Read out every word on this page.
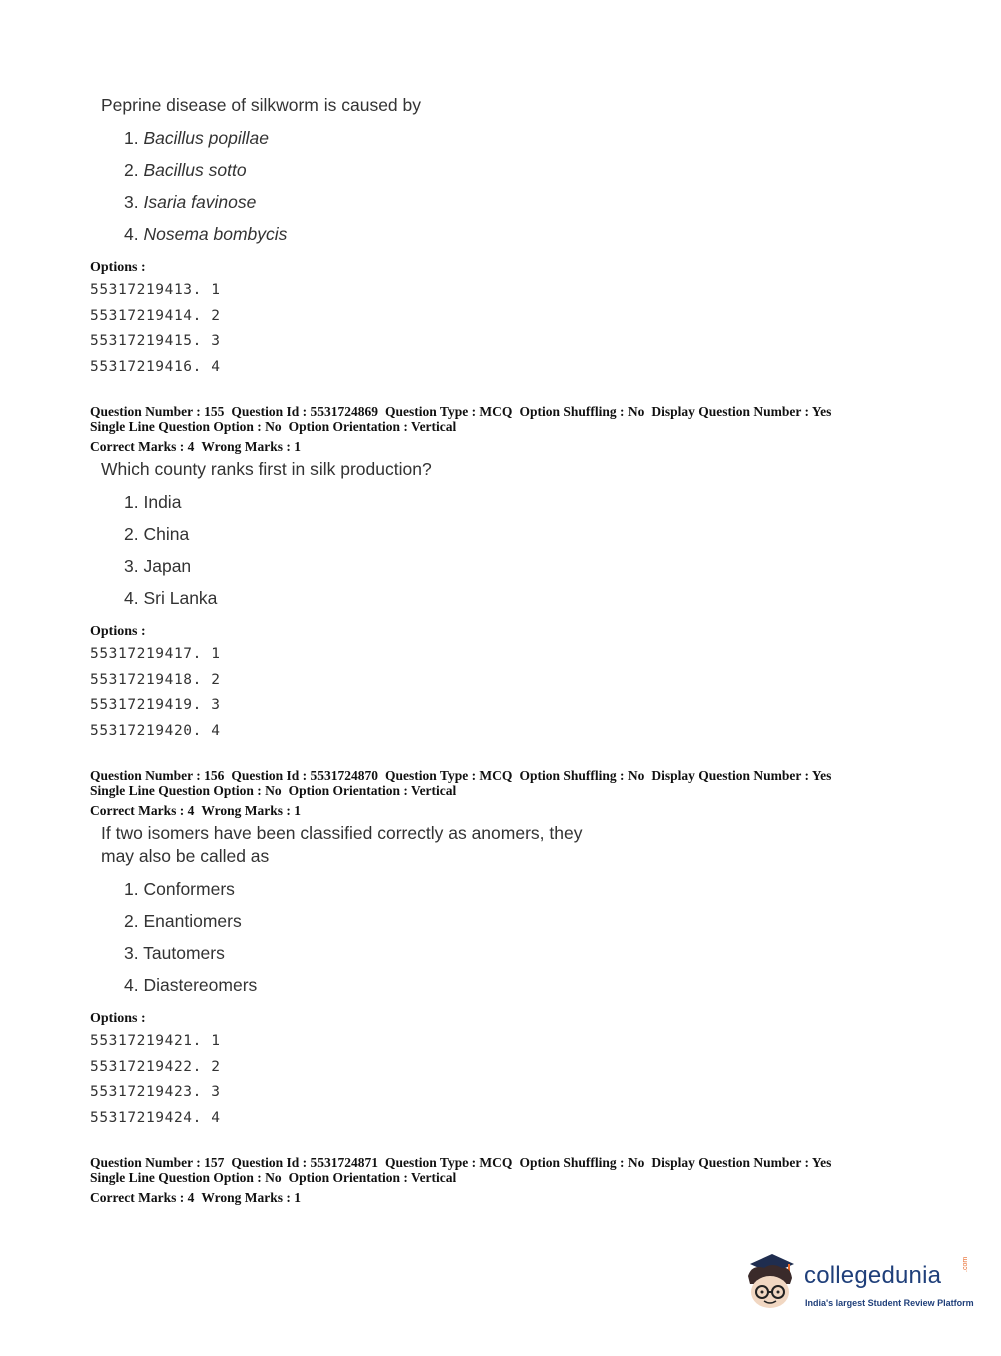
Peprine disease of silkworm is caused by
1. Bacillus popillae
2. Bacillus sotto
3. Isaria favinose
4. Nosema bombycis
Options :
55317219413. 1
55317219414. 2
55317219415. 3
55317219416. 4
Question Number : 155 Question Id : 5531724869 Question Type : MCQ Option Shuffling : No Display Question Number : Yes
Single Line Question Option : No Option Orientation : Vertical
Correct Marks : 4 Wrong Marks : 1
Which county ranks first in silk production?
1. India
2. China
3. Japan
4. Sri Lanka
Options :
55317219417. 1
55317219418. 2
55317219419. 3
55317219420. 4
Question Number : 156 Question Id : 5531724870 Question Type : MCQ Option Shuffling : No Display Question Number : Yes
Single Line Question Option : No Option Orientation : Vertical
Correct Marks : 4 Wrong Marks : 1
If two isomers have been classified correctly as anomers, they
may also be called as
1. Conformers
2. Enantiomers
3. Tautomers
4. Diastereomers
Options :
55317219421. 1
55317219422. 2
55317219423. 3
55317219424. 4
Question Number : 157 Question Id : 5531724871 Question Type : MCQ Option Shuffling : No Display Question Number : Yes
Single Line Question Option : No Option Orientation : Vertical
Correct Marks : 4 Wrong Marks : 1
collegedunia	.com
India's largest Student Review Platform
